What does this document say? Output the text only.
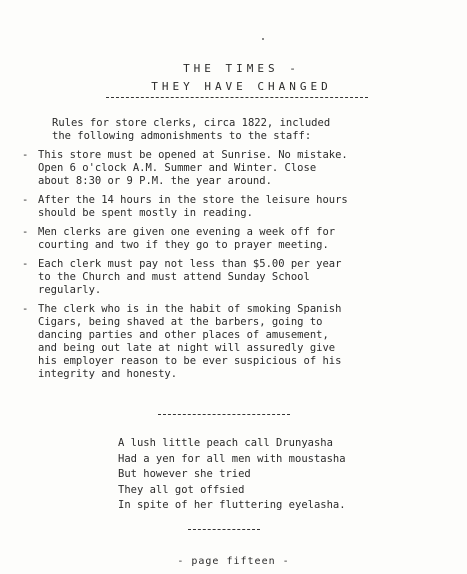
THE TIMES -
THEY HAVE CHANGED
Rules for store clerks, circa 1822, included the following admonishments to the staff:
- This store must be opened at Sunrise. No mistake. Open 6 o'clock A.M. Summer and Winter. Close about 8:30 or 9 P.M. the year around.
- After the 14 hours in the store the leisure hours should be spent mostly in reading.
- Men clerks are given one evening a week off for courting and two if they go to prayer meeting.
- Each clerk must pay not less than $5.00 per year to the Church and must attend Sunday School regularly.
- The clerk who is in the habit of smoking Spanish Cigars, being shaved at the barbers, going to dancing parties and other places of amusement, and being out late at night will assuredly give his employer reason to be ever suspicious of his integrity and honesty.
A lush little peach call Drunyasha
Had a yen for all men with moustasha
But however she tried
They all got offsied
In spite of her fluttering eyelasha.
- page fifteen -
